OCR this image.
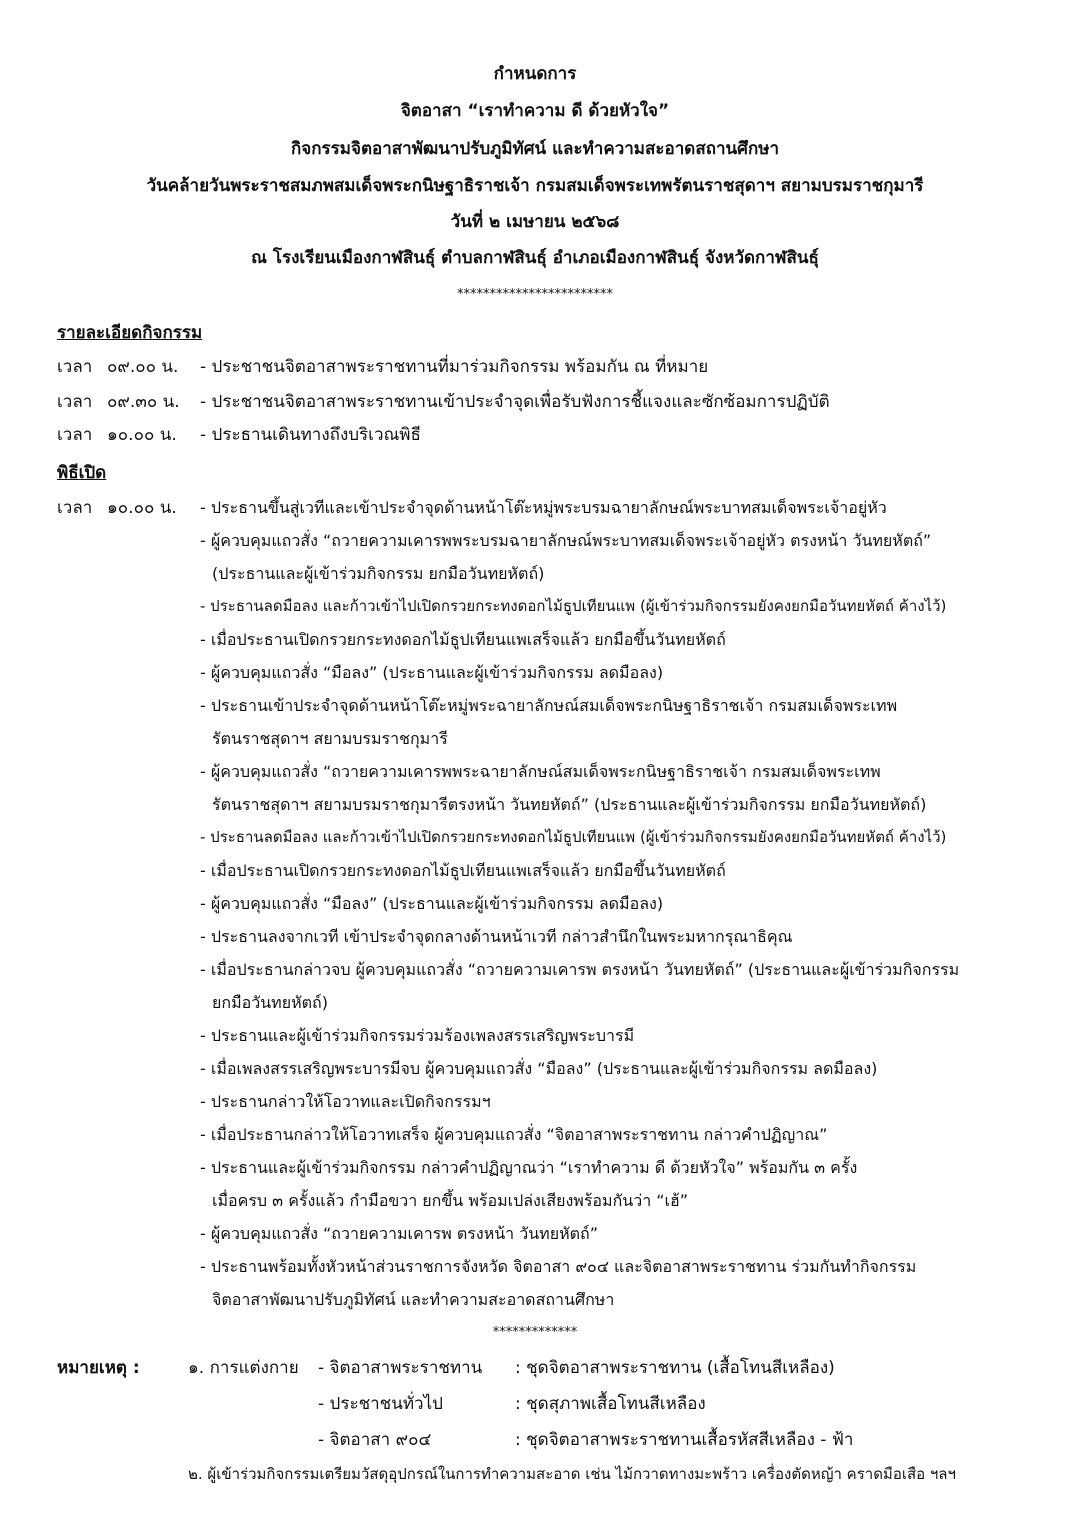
กำหนดการ
จิตอาสา “เราทำความ ดี ด้วยหัวใจ”
กิจกรรมจิตอาสาพัฒนาปรับภูมิทัศน์ และทำความสะอาดสถานศึกษา
วันคล้ายวันพระราชสมภพสมเด็จพระกนิษฐาธิราชเจ้า กรมสมเด็จพระเทพรัตนราชสุดาฯ สยามบรมราชกุมารี
วันที่ ๒ เมษายน ๒๕๖๘
ณ โรงเรียนเมืองกาฬสินธุ์ ตำบลกาฬสินธุ์ อำเภอเมืองกาฬสินธุ์ จังหวัดกาฬสินธุ์
************************
รายละเอียดกิจกรรม
เวลา ๐๙.๐๐ น. - ประชาชนจิตอาสาพระราชทานที่มาร่วมกิจกรรม พร้อมกัน ณ ที่หมาย
เวลา ๐๙.๓๐ น. - ประชาชนจิตอาสาพระราชทานเข้าประจำจุดเพื่อรับฟังการชี้แจงและซักซ้อมการปฏิบัติ
เวลา ๑๐.๐๐ น. - ประธานเดินทางถึงบริเวณพิธี
พิธีเปิด
เวลา ๑๐.๐๐ น. - ประธานขึ้นสู่เวทีและเข้าประจำจุดด้านหน้าโต๊ะหมู่พระบรมฉายาลักษณ์พระบาทสมเด็จพระเจ้าอยู่หัว
- ผู้ควบคุมแถวสั่ง “ถวายความเคารพพระบรมฉายาลักษณ์พระบาทสมเด็จพระเจ้าอยู่หัว ตรงหน้า วันทยหัตถ์”
(ประธานและผู้เข้าร่วมกิจกรรม ยกมือวันทยหัตถ์)
- ประธานลดมือลง และก้าวเข้าไปเปิดกรวยกระทงดอกไม้ธูปเทียนแพ (ผู้เข้าร่วมกิจกรรมยังคงยกมือวันทยหัตถ์ ค้างไว้)
- เมื่อประธานเปิดกรวยกระทงดอกไม้ธูปเทียนแพเสร็จแล้ว ยกมือขึ้นวันทยหัตถ์
- ผู้ควบคุมแถวสั่ง “มือลง” (ประธานและผู้เข้าร่วมกิจกรรม ลดมือลง)
- ประธานเข้าประจำจุดด้านหน้าโต๊ะหมู่พระฉายาลักษณ์สมเด็จพระกนิษฐาธิราชเจ้า กรมสมเด็จพระเทพ
รัตนราชสุดาฯ สยามบรมราชกุมารี
- ผู้ควบคุมแถวสั่ง “ถวายความเคารพพระฉายาลักษณ์สมเด็จพระกนิษฐาธิราชเจ้า กรมสมเด็จพระเทพ
รัตนราชสุดาฯ สยามบรมราชกุมารีตรงหน้า วันทยหัตถ์” (ประธานและผู้เข้าร่วมกิจกรรม ยกมือวันทยหัตถ์)
- ประธานลดมือลง และก้าวเข้าไปเปิดกรวยกระทงดอกไม้ธูปเทียนแพ (ผู้เข้าร่วมกิจกรรมยังคงยกมือวันทยหัตถ์ ค้างไว้)
- เมื่อประธานเปิดกรวยกระทงดอกไม้ธูปเทียนแพเสร็จแล้ว ยกมือขึ้นวันทยหัตถ์
- ผู้ควบคุมแถวสั่ง “มือลง” (ประธานและผู้เข้าร่วมกิจกรรม ลดมือลง)
- ประธานลงจากเวที เข้าประจำจุดกลางด้านหน้าเวที กล่าวสำนึกในพระมหากรุณาธิคุณ
- เมื่อประธานกล่าวจบ ผู้ควบคุมแถวสั่ง “ถวายความเคารพ ตรงหน้า วันทยหัตถ์” (ประธานและผู้เข้าร่วมกิจกรรม
ยกมือวันทยหัตถ์)
- ประธานและผู้เข้าร่วมกิจกรรมร่วมร้องเพลงสรรเสริญพระบารมี
- เมื่อเพลงสรรเสริญพระบารมีจบ ผู้ควบคุมแถวสั่ง “มือลง” (ประธานและผู้เข้าร่วมกิจกรรม ลดมือลง)
- ประธานกล่าวให้โอวาทและเปิดกิจกรรมฯ
- เมื่อประธานกล่าวให้โอวาทเสร็จ ผู้ควบคุมแถวสั่ง “จิตอาสาพระราชทาน กล่าวคำปฏิญาณ”
- ประธานและผู้เข้าร่วมกิจกรรม กล่าวคำปฏิญาณว่า “เราทำความ ดี ด้วยหัวใจ” พร้อมกัน ๓ ครั้ง
เมื่อครบ ๓ ครั้งแล้ว กำมือขวา ยกขึ้น พร้อมเปล่งเสียงพร้อมกันว่า “เฮ้”
- ผู้ควบคุมแถวสั่ง “ถวายความเคารพ ตรงหน้า วันทยหัตถ์”
- ประธานพร้อมทั้งหัวหน้าส่วนราชการจังหวัด จิตอาสา ๙๐๔ และจิตอาสาพระราชทาน ร่วมกันทำกิจกรรม
จิตอาสาพัฒนาปรับภูมิทัศน์ และทำความสะอาดสถานศึกษา
*************
หมายเหตุ :	๑. การแต่งกาย - จิตอาสาพระราชทาน : ชุดจิตอาสาพระราชทาน (เสื้อโทนสีเหลือง)
- ประชาชนทั่วไป	: ชุดสุภาพเสื้อโทนสีเหลือง
- จิตอาสา ๙๐๔	: ชุดจิตอาสาพระราชทานเสื้อรหัสสีเหลือง - ฟ้า
๒. ผู้เข้าร่วมกิจกรรมเตรียมวัสดุอุปกรณ์ในการทำความสะอาด เช่น ไม้กวาดทางมะพร้าว เครื่องตัดหญ้า คราดมือเสือ ฯลฯ
